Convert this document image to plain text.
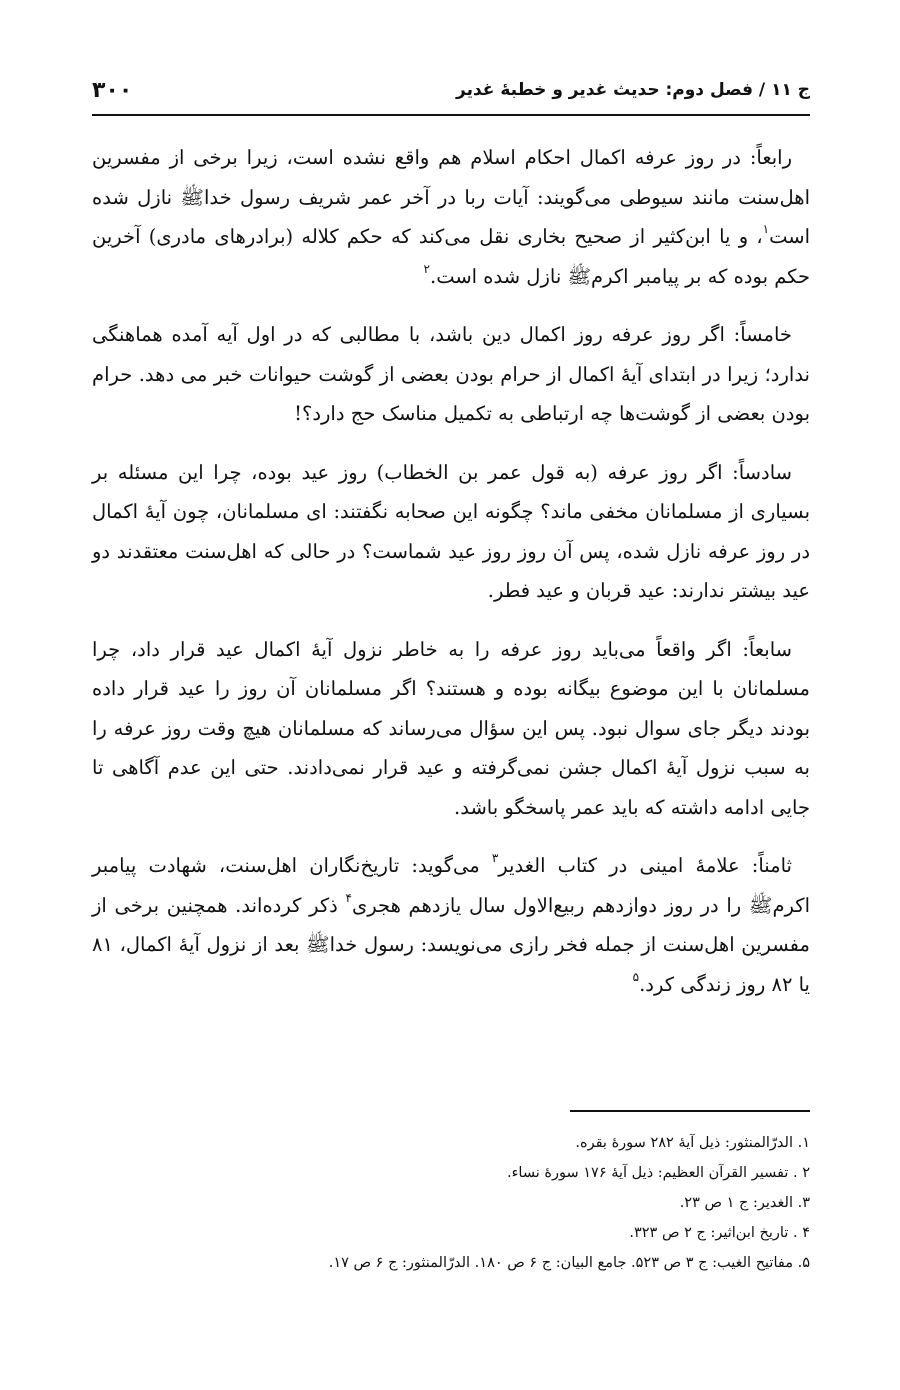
ج ۱۱ / فصل دوم: حدیث غدیر و خطبهٔ غدیر
۳۰۰

رابعاً: در روز عرفه اکمال احکام اسلام هم واقع نشده است، زیرا برخی از مفسرین اهل‌سنت مانند سیوطی می‌گویند: آیات ربا در آخر عمر شریف رسول خداﷺ نازل شده است$^۱$، و یا ابن‌کثیر از صحیح بخاری نقل می‌کند که حکم کلاله (برادرهای مادری) آخرین حکم بوده که بر پیامبر اکرمﷺ نازل شده است.$^۲$

خامساً: اگر روز عرفه روز اکمال دین باشد، با مطالبی که در اول آیه آمده هماهنگی ندارد؛ زیرا در ابتدای آیهٔ اکمال از حرام بودن بعضی از گوشت حیوانات خبر می دهد. حرام بودن بعضی از گوشت‌ها چه ارتباطی به تکمیل مناسک حج دارد؟!

سادساً: اگر روز عرفه (به قول عمر بن الخطاب) روز عید بوده، چرا این مسئله بر بسیاری از مسلمانان مخفی ماند؟ چگونه این صحابه نگفتند: ای مسلمانان، چون آیهٔ اکمال در روز عرفه نازل شده، پس آن روز روز عید شماست؟ در حالی که اهل‌سنت معتقدند دو عید بیشتر ندارند: عید قربان و عید فطر.

سابعاً: اگر واقعاً می‌باید روز عرفه را به خاطر نزول آیهٔ اکمال عید قرار داد، چرا مسلمانان با این موضوع بیگانه بوده و هستند؟ اگر مسلمانان آن روز را عید قرار داده بودند دیگر جای سوال نبود. پس این سؤال می‌رساند که مسلمانان هیچ وقت روز عرفه را به سبب نزول آیهٔ اکمال جشن نمی‌گرفته و عید قرار نمی‌دادند. حتی این عدم آگاهی تا جایی ادامه داشته که باید عمر پاسخگو باشد.

ثامناً: علامهٔ امینی در کتاب الغدیر$^۳$ می‌گوید: تاریخ‌نگاران اهل‌سنت، شهادت پیامبر اکرمﷺ را در روز دوازدهم ربیع‌الاول سال یازدهم هجری$^۴$ ذکر کرده‌اند. همچنین برخی از مفسرین اهل‌سنت از جمله فخر رازی می‌نویسد: رسول خداﷺ بعد از نزول آیهٔ اکمال، ۸۱ یا ۸۲ روز زندگی کرد.$^۵$

۱. الدرّالمنثور: ذیل آیهٔ ۲۸۲ سورهٔ بقره.
۲ . تفسیر القرآن العظیم: ذیل آیهٔ ۱۷۶ سورهٔ نساء.
۳. الغدیر: ج ۱ ص ۲۳.
۴ . تاریخ ابن‌اثیر: ج ۲ ص ۳۲۳.
۵. مفاتیح الغیب: ج ۳ ص ۵۲۳. جامع البیان: ج ۶ ص ۱۸۰. الدرّالمنثور: ج ۶ ص ۱۷.
